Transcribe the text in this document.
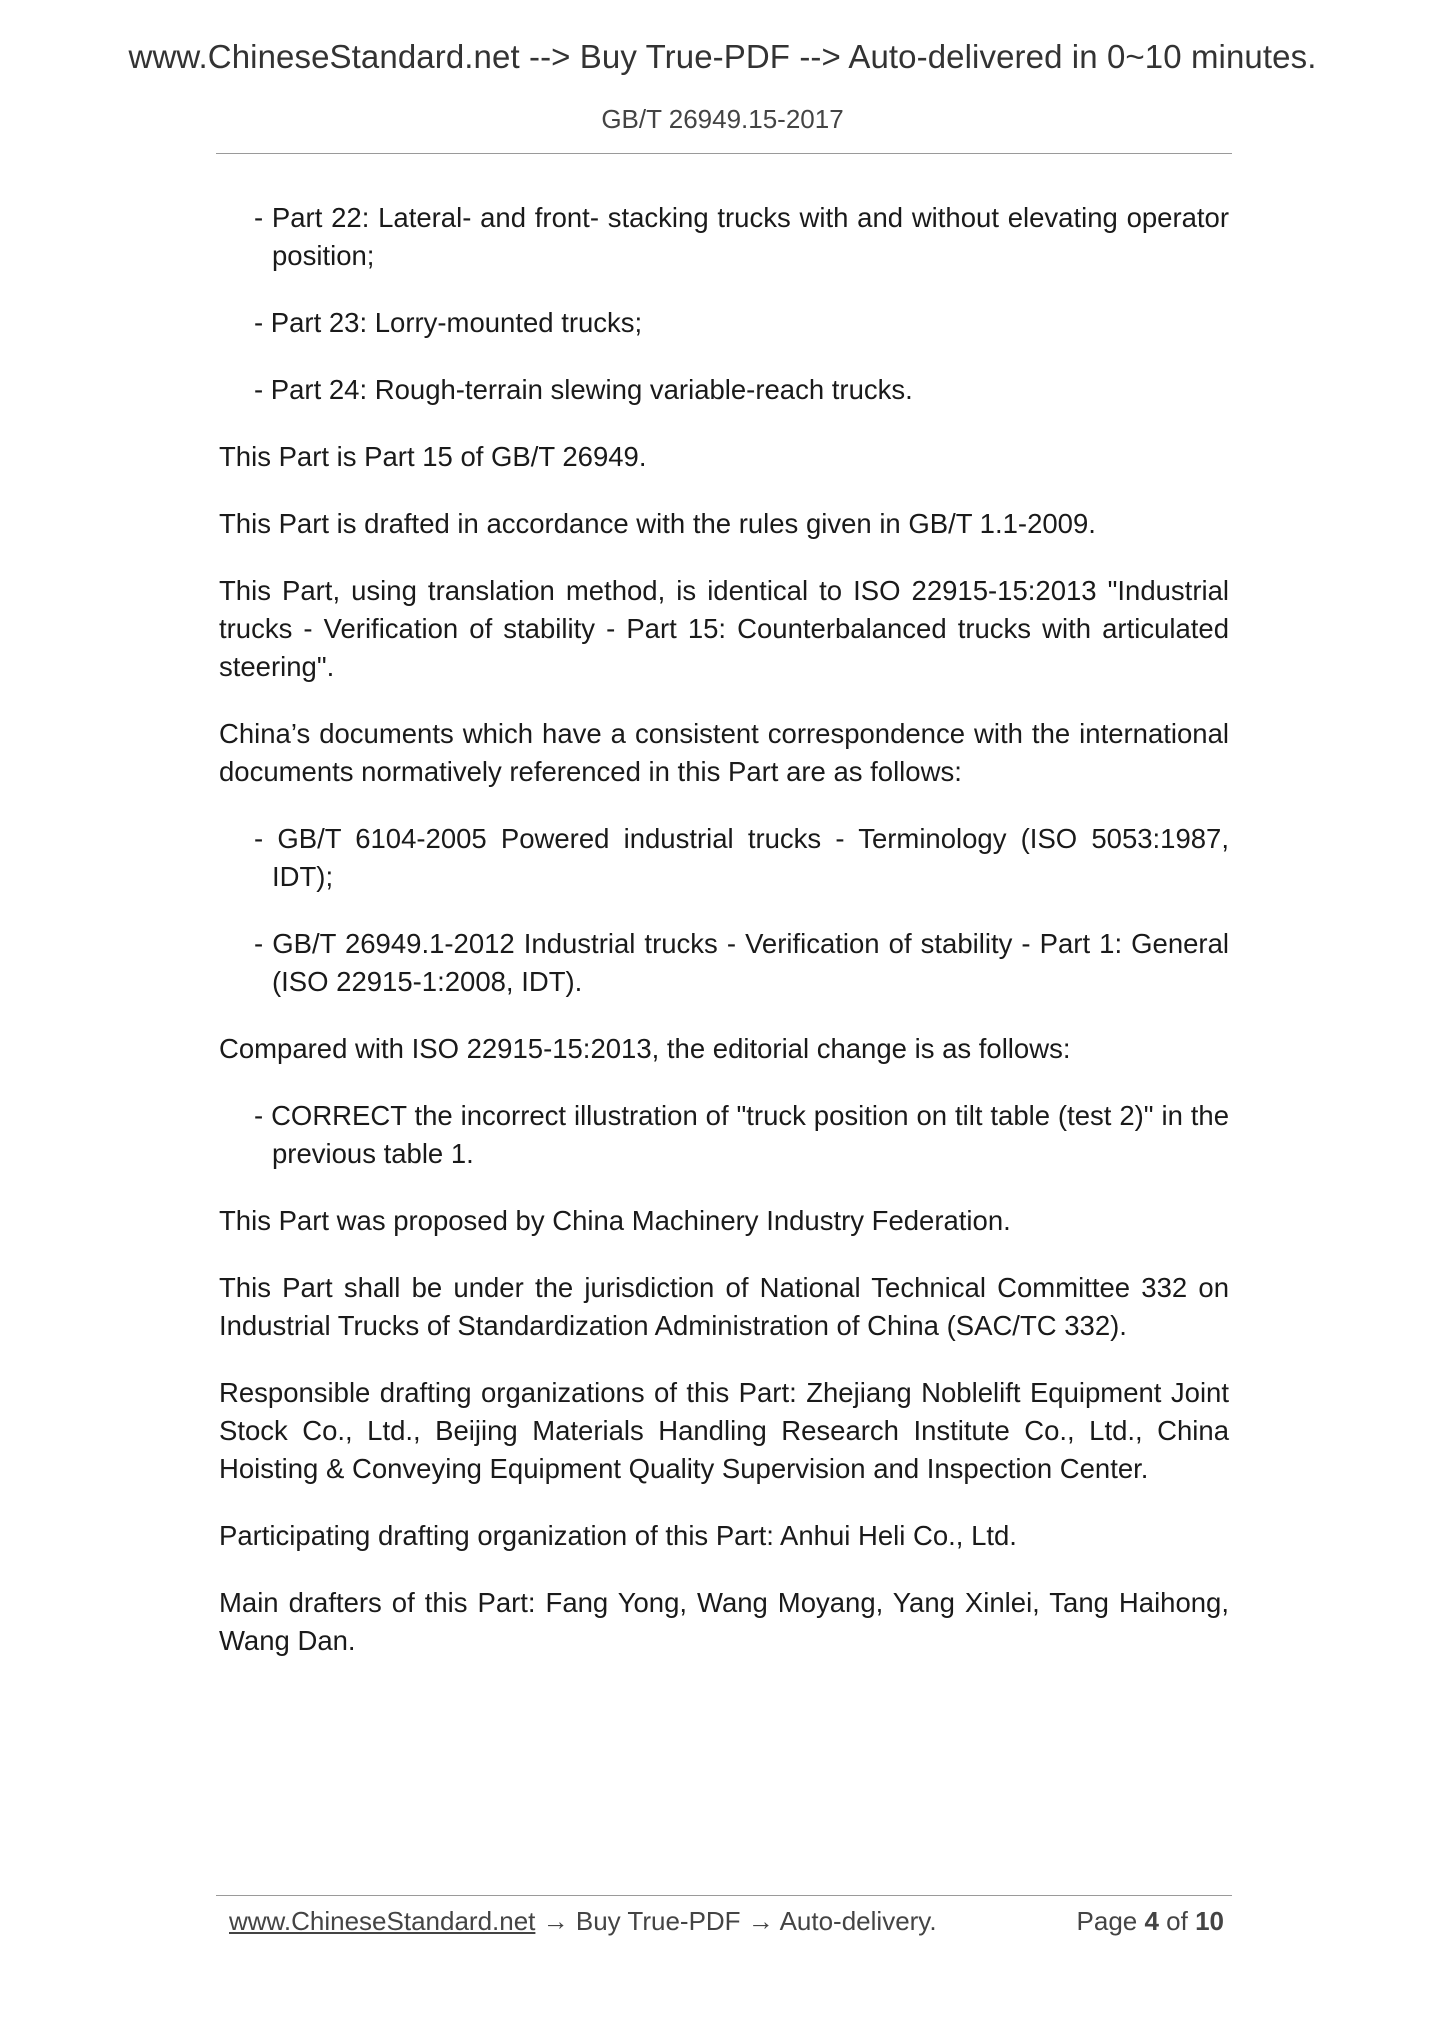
www.ChineseStandard.net --> Buy True-PDF --> Auto-delivered in 0~10 minutes.
GB/T 26949.15-2017

- Part 22: Lateral- and front- stacking trucks with and without elevating operator position;

- Part 23: Lorry-mounted trucks;

- Part 24: Rough-terrain slewing variable-reach trucks.

This Part is Part 15 of GB/T 26949.

This Part is drafted in accordance with the rules given in GB/T 1.1-2009.

This Part, using translation method, is identical to ISO 22915-15:2013 "Industrial trucks - Verification of stability - Part 15: Counterbalanced trucks with articulated steering".

China’s documents which have a consistent correspondence with the international documents normatively referenced in this Part are as follows:

- GB/T 6104-2005 Powered industrial trucks - Terminology (ISO 5053:1987, IDT);

- GB/T 26949.1-2012 Industrial trucks - Verification of stability - Part 1: General (ISO 22915-1:2008, IDT).

Compared with ISO 22915-15:2013, the editorial change is as follows:

- CORRECT the incorrect illustration of "truck position on tilt table (test 2)" in the previous table 1.

This Part was proposed by China Machinery Industry Federation.

This Part shall be under the jurisdiction of National Technical Committee 332 on Industrial Trucks of Standardization Administration of China (SAC/TC 332).

Responsible drafting organizations of this Part: Zhejiang Noblelift Equipment Joint Stock Co., Ltd., Beijing Materials Handling Research Institute Co., Ltd., China Hoisting & Conveying Equipment Quality Supervision and Inspection Center.

Participating drafting organization of this Part: Anhui Heli Co., Ltd.

Main drafters of this Part: Fang Yong, Wang Moyang, Yang Xinlei, Tang Haihong, Wang Dan.

www.ChineseStandard.net → Buy True-PDF → Auto-delivery.	Page 4 of 10
